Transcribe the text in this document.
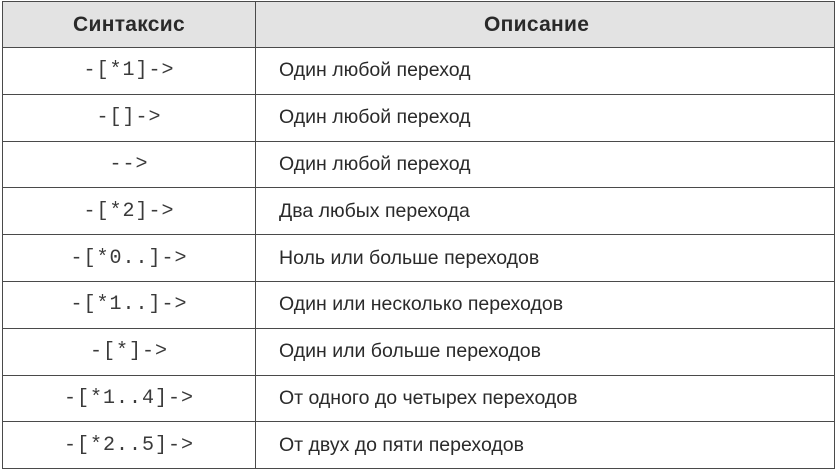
Синтаксис	Описание
-[*1]->	Один любой переход
-[]->	Один любой переход
-->	Один любой переход
-[*2]->	Два любых перехода
-[*0..]->	Ноль или больше переходов
-[*1..]->	Один или несколько переходов
-[*]->	Один или больше переходов
-[*1..4]->	От одного до четырех переходов
-[*2..5]->	От двух до пяти переходов
